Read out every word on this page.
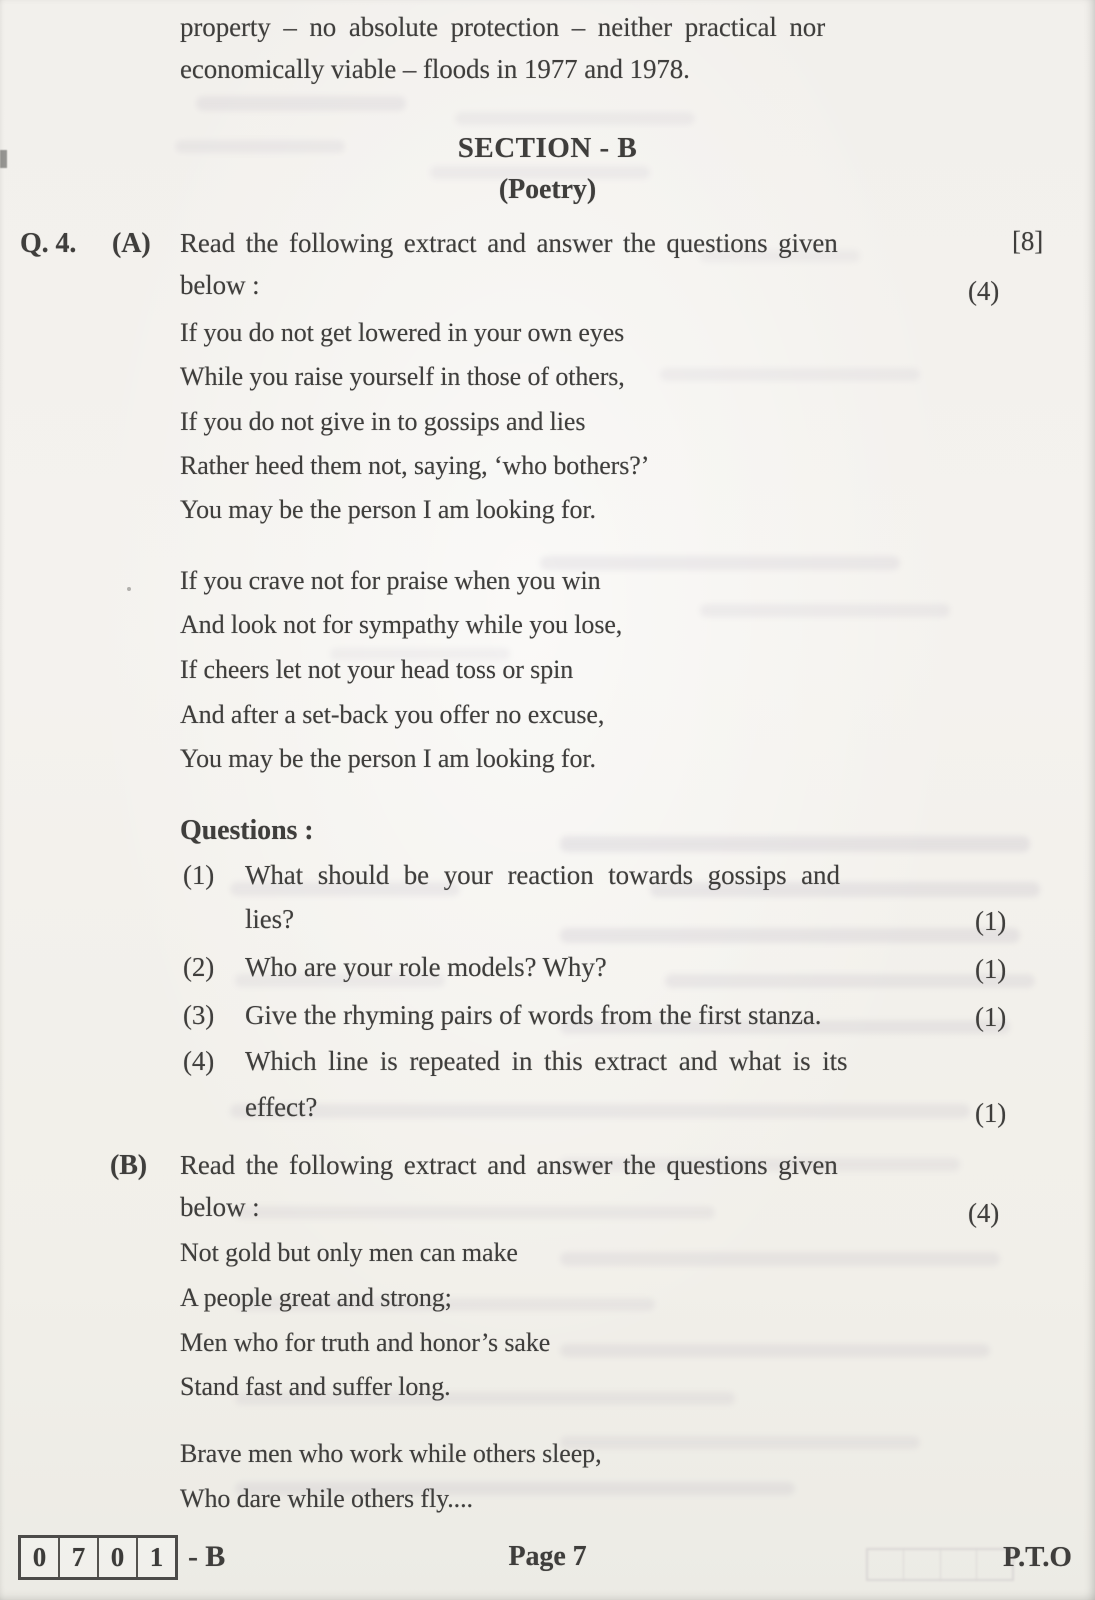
property – no absolute protection – neither practical nor
economically viable – floods in 1977 and 1978.
SECTION - B
(Poetry)
Q. 4. (A) Read the following extract and answer the questions given	[8]
below :	(4)
If you do not get lowered in your own eyes
While you raise yourself in those of others,
If you do not give in to gossips and lies
Rather heed them not, saying, ‘who bothers?’
You may be the person I am looking for.
If you crave not for praise when you win
And look not for sympathy while you lose,
If cheers let not your head toss or spin
And after a set-back you offer no excuse,
You may be the person I am looking for.
Questions :
(1) What should be your reaction towards gossips and
lies?	(1)
(2) Who are your role models? Why?	(1)
(3) Give the rhyming pairs of words from the first stanza.	(1)
(4) Which line is repeated in this extract and what is its
effect?	(1)
(B) Read the following extract and answer the questions given
below :	(4)
Not gold but only men can make
A people great and strong;
Men who for truth and honor’s sake
Stand fast and suffer long.
Brave men who work while others sleep,
Who dare while others fly....
0 7 0 1 - B	Page 7	P.T.O
